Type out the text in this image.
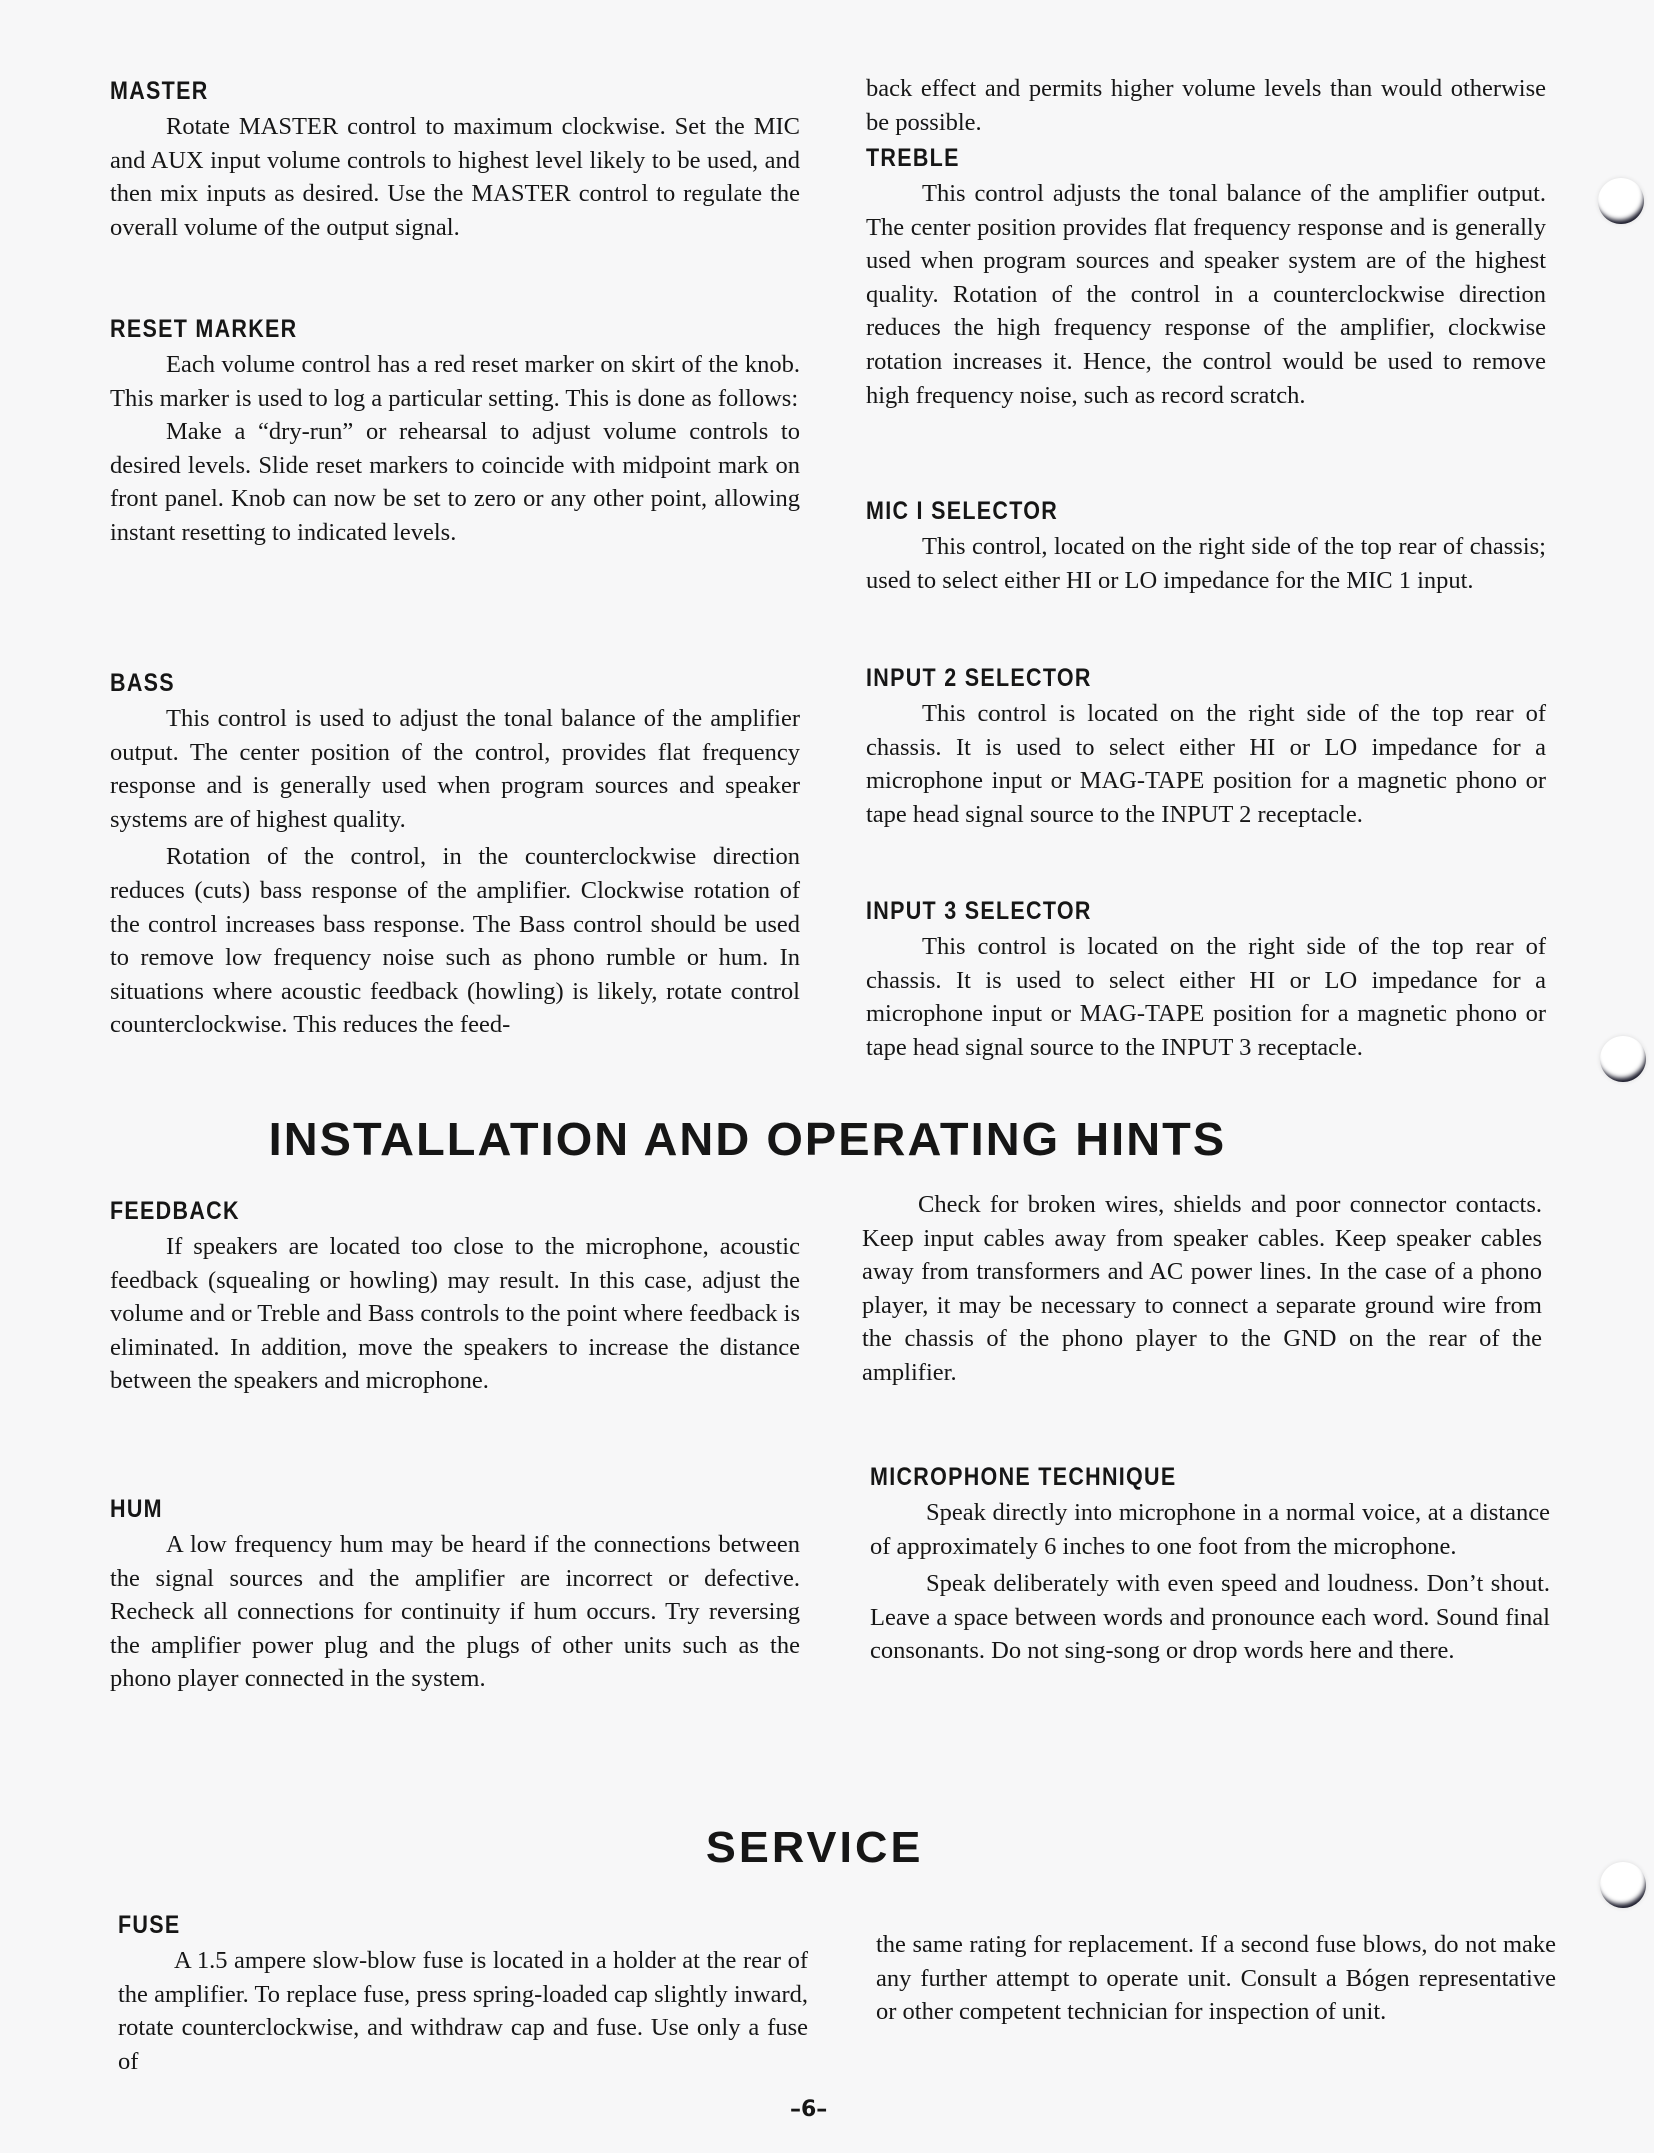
MASTER

Rotate MASTER control to maximum clockwise. Set the MIC and AUX input volume controls to highest level likely to be used, and then mix inputs as desired. Use the MASTER control to regulate the overall volume of the output signal.

RESET MARKER

Each volume control has a red reset marker on skirt of the knob. This marker is used to log a particular setting. This is done as follows:

Make a “dry-run” or rehearsal to adjust volume controls to desired levels. Slide reset markers to coincide with midpoint mark on front panel. Knob can now be set to zero or any other point, allowing instant resetting to indicated levels.

BASS

This control is used to adjust the tonal balance of the amplifier output. The center position of the control, provides flat frequency response and is generally used when program sources and speaker systems are of highest quality.

Rotation of the control, in the counterclockwise direction reduces (cuts) bass response of the amplifier. Clockwise rotation of the control increases bass response. The Bass control should be used to remove low frequency noise such as phono rumble or hum. In situations where acoustic feedback (howling) is likely, rotate control counterclockwise. This reduces the feed-

back effect and permits higher volume levels than would otherwise be possible.

TREBLE

This control adjusts the tonal balance of the amplifier output. The center position provides flat frequency response and is generally used when program sources and speaker system are of the highest quality. Rotation of the control in a counterclockwise direction reduces the high frequency response of the amplifier, clockwise rotation increases it. Hence, the control would be used to remove high frequency noise, such as record scratch.

MIC I SELECTOR

This control, located on the right side of the top rear of chassis; used to select either HI or LO impedance for the MIC 1 input.

INPUT 2 SELECTOR

This control is located on the right side of the top rear of chassis. It is used to select either HI or LO impedance for a microphone input or MAG-TAPE position for a magnetic phono or tape head signal source to the INPUT 2 receptacle.

INPUT 3 SELECTOR

This control is located on the right side of the top rear of chassis. It is used to select either HI or LO impedance for a microphone input or MAG-TAPE position for a magnetic phono or tape head signal source to the INPUT 3 receptacle.

INSTALLATION AND OPERATING HINTS
FEEDBACK

If speakers are located too close to the microphone, acoustic feedback (squealing or howling) may result. In this case, adjust the volume and or Treble and Bass controls to the point where feedback is eliminated. In addition, move the speakers to increase the distance between the speakers and microphone.

Check for broken wires, shields and poor connector contacts. Keep input cables away from speaker cables. Keep speaker cables away from transformers and AC power lines. In the case of a phono player, it may be necessary to connect a separate ground wire from the chassis of the phono player to the GND on the rear of the amplifier.

HUM

A low frequency hum may be heard if the connections between the signal sources and the amplifier are incorrect or defective. Recheck all connections for continuity if hum occurs. Try reversing the amplifier power plug and the plugs of other units such as the phono player connected in the system.

MICROPHONE TECHNIQUE

Speak directly into microphone in a normal voice, at a distance of approximately 6 inches to one foot from the microphone.

Speak deliberately with even speed and loudness. Don’t shout. Leave a space between words and pronounce each word. Sound final consonants. Do not sing-song or drop words here and there.

SERVICE
FUSE

A 1.5 ampere slow-blow fuse is located in a holder at the rear of the amplifier. To replace fuse, press spring-loaded cap slightly inward, rotate counterclockwise, and withdraw cap and fuse. Use only a fuse of

the same rating for replacement. If a second fuse blows, do not make any further attempt to operate unit. Consult a Bógen representative or other competent technician for inspection of unit.

–6–
